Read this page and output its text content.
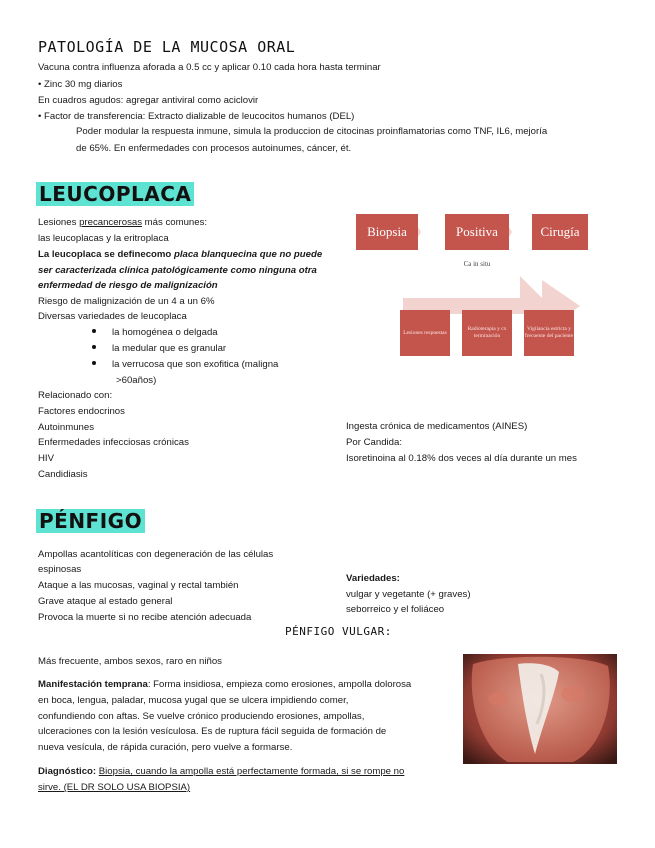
PATOLOGÍA DE LA MUCOSA ORAL
Vacuna contra influenza aforada a 0.5 cc y aplicar 0.10 cada hora hasta terminar
• Zinc 30 mg diarios
En cuadros agudos: agregar antiviral como aciclovir
• Factor de transferencia: Extracto dializable de leucocitos humanos (DEL)
Poder modular la respuesta inmune, simula la produccion de citocinas proinflamatorias como TNF, IL6, mejoría
de 65%. En enfermedades con procesos autoinumes, cáncer, ét.
LEUCOPLACA
Lesiones precancerosas más comunes:
las leucoplacas y la eritroplaca
La leucoplaca se definecomo placa blanquecina que no puede
ser caracterizada clínica patológicamente como ninguna otra
enfermedad de riesgo de malignización
Riesgo de malignización de un 4 a un 6%
Diversas variedades de leucoplaca
la homogénea o delgada
la medular que es granular
la verrucosa que son exofitica (maligna
>60años)
Relacionado con:
Factores endocrinos
Autoinmunes
Enfermedades infecciosas crónicas
HIV
Candidiasis
Ingesta crónica de medicamentos (AINES)
Por Candida:
Isoretinoina al 0.18% dos veces al día durante un mes
Biopsia	Positiva	Cirugía
Ca in situ
Lesiones respuestas
Radioterapia y cx terminación
Vigilancia estricta y frecuente del paciente
PÉNFIGO
Ampollas acantolíticas con degeneración de las células
espinosas
Ataque a las mucosas, vaginal y rectal también
Grave ataque al estado general
Provoca la muerte si no recibe atención adecuada
Variedades:
vulgar y vegetante (+ graves)
seborreico y el foliáceo
PÉNFIGO VULGAR:
Más frecuente, ambos sexos, raro en niños
Manifestación temprana: Forma insidiosa, empieza como erosiones, ampolla dolorosa
en boca, lengua, paladar, mucosa yugal que se ulcera impidiendo comer,
confundiendo con aftas. Se vuelve crónico produciendo erosiones, ampollas,
ulceraciones con la lesión vesículosa. Es de ruptura fácil seguida de formación de
nueva vesícula, de rápida curación, pero vuelve a formarse.
Diagnóstico: Biopsia, cuando la ampolla está perfectamente formada, si se rompe no
sirve. (EL DR SOLO USA BIOPSIA)
